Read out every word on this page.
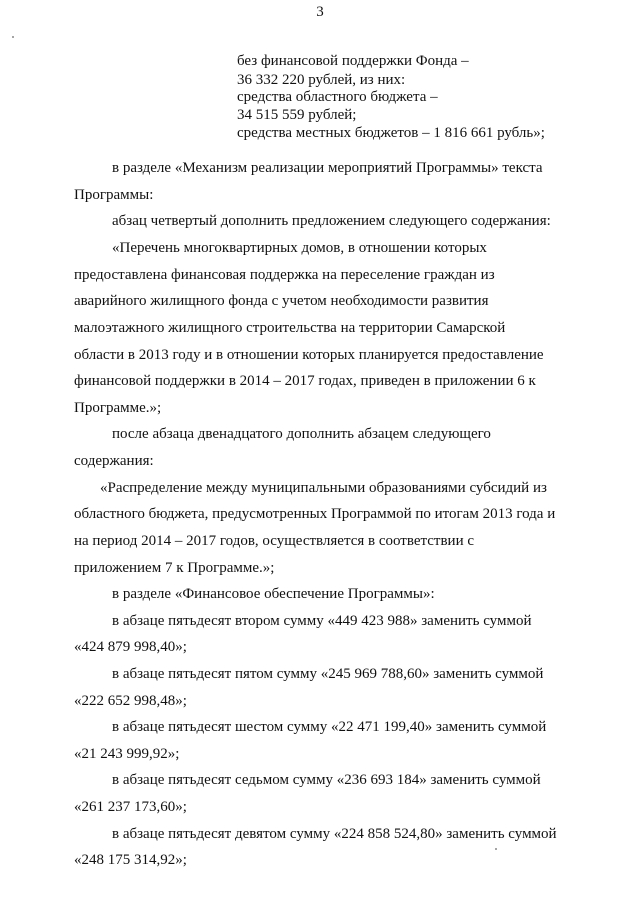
3
без финансовой поддержки Фонда –
36 332 220 рублей, из них:
средства областного бюджета –
34 515 559 рублей;
средства местных бюджетов – 1 816 661 рубль»;
в разделе «Механизм реализации мероприятий Программы» текста
Программы:
абзац четвертый дополнить предложением следующего содержания:
«Перечень многоквартирных домов, в отношении которых
предоставлена финансовая поддержка на переселение граждан из
аварийного жилищного фонда с учетом необходимости развития
малоэтажного жилищного строительства на территории Самарской
области в 2013 году и в отношении которых планируется предоставление
финансовой поддержки в 2014 – 2017 годах, приведен в приложении 6 к
Программе.»;
после абзаца двенадцатого дополнить абзацем следующего
содержания:
«Распределение между муниципальными образованиями субсидий из
областного бюджета, предусмотренных Программой по итогам 2013 года и
на период 2014 – 2017 годов, осуществляется в соответствии с
приложением 7 к Программе.»;
в разделе «Финансовое обеспечение Программы»:
в абзаце пятьдесят втором сумму «449 423 988» заменить суммой
«424 879 998,40»;
в абзаце пятьдесят пятом сумму «245 969 788,60» заменить суммой
«222 652 998,48»;
в абзаце пятьдесят шестом сумму «22 471 199,40» заменить суммой
«21 243 999,92»;
в абзаце пятьдесят седьмом сумму «236 693 184» заменить суммой
«261 237 173,60»;
в абзаце пятьдесят девятом сумму «224 858 524,80» заменить суммой
«248 175 314,92»;
